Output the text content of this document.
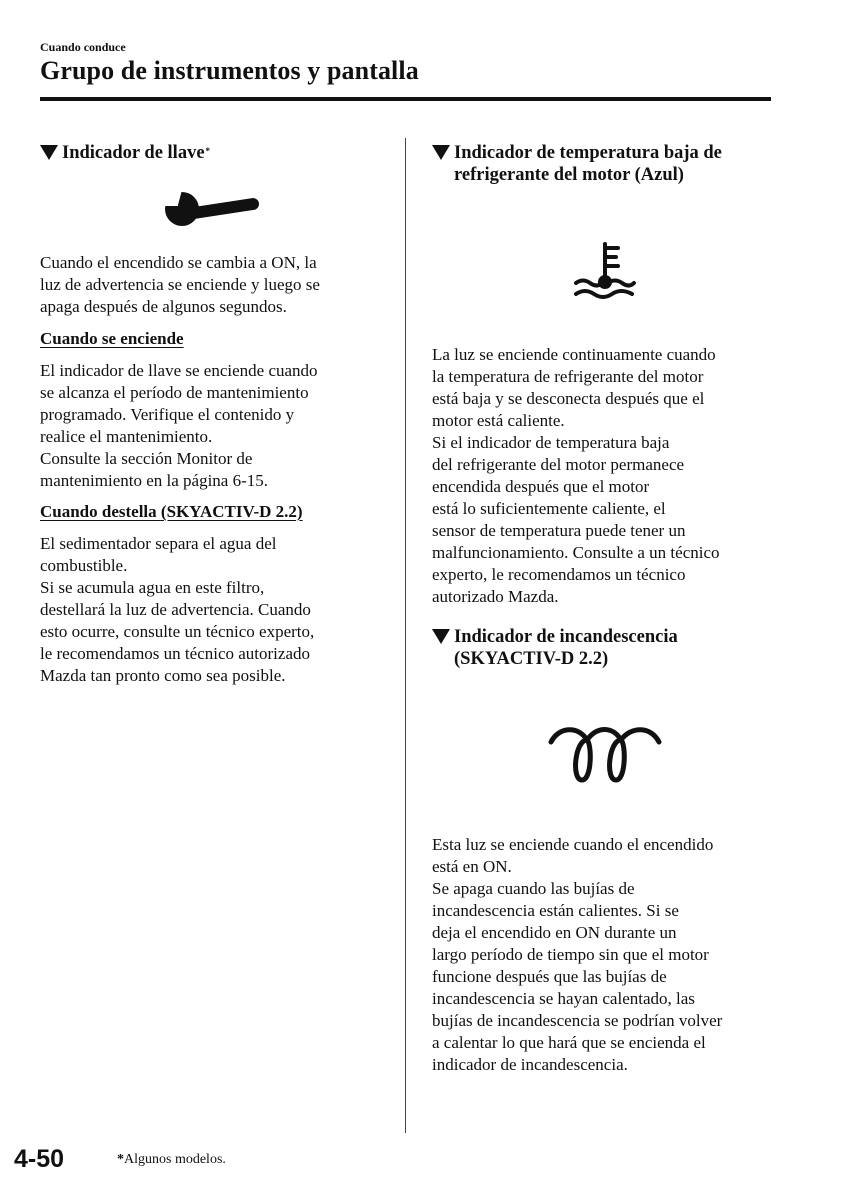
Cuando conduce
Grupo de instrumentos y pantalla
Indicador de llave*
Cuando el encendido se cambia a ON, la
luz de advertencia se enciende y luego se
apaga después de algunos segundos.
Cuando se enciende
El indicador de llave se enciende cuando
se alcanza el período de mantenimiento
programado. Verifique el contenido y
realice el mantenimiento.
Consulte la sección Monitor de
mantenimiento en la página 6-15.
Cuando destella (SKYACTIV-D 2.2)
El sedimentador separa el agua del
combustible.
Si se acumula agua en este filtro,
destellará la luz de advertencia. Cuando
esto ocurre, consulte un técnico experto,
le recomendamos un técnico autorizado
Mazda tan pronto como sea posible.
Indicador de temperatura baja de
refrigerante del motor (Azul)
La luz se enciende continuamente cuando
la temperatura de refrigerante del motor
está baja y se desconecta después que el
motor está caliente.
Si el indicador de temperatura baja
del refrigerante del motor permanece
encendida después que el motor
está lo suficientemente caliente, el
sensor de temperatura puede tener un
malfuncionamiento. Consulte a un técnico
experto, le recomendamos un técnico
autorizado Mazda.
Indicador de incandescencia
(SKYACTIV-D 2.2)
Esta luz se enciende cuando el encendido
está en ON.
Se apaga cuando las bujías de
incandescencia están calientes. Si se
deja el encendido en ON durante un
largo período de tiempo sin que el motor
funcione después que las bujías de
incandescencia se hayan calentado, las
bujías de incandescencia se podrían volver
a calentar lo que hará que se encienda el
indicador de incandescencia.
4-50	*Algunos modelos.
